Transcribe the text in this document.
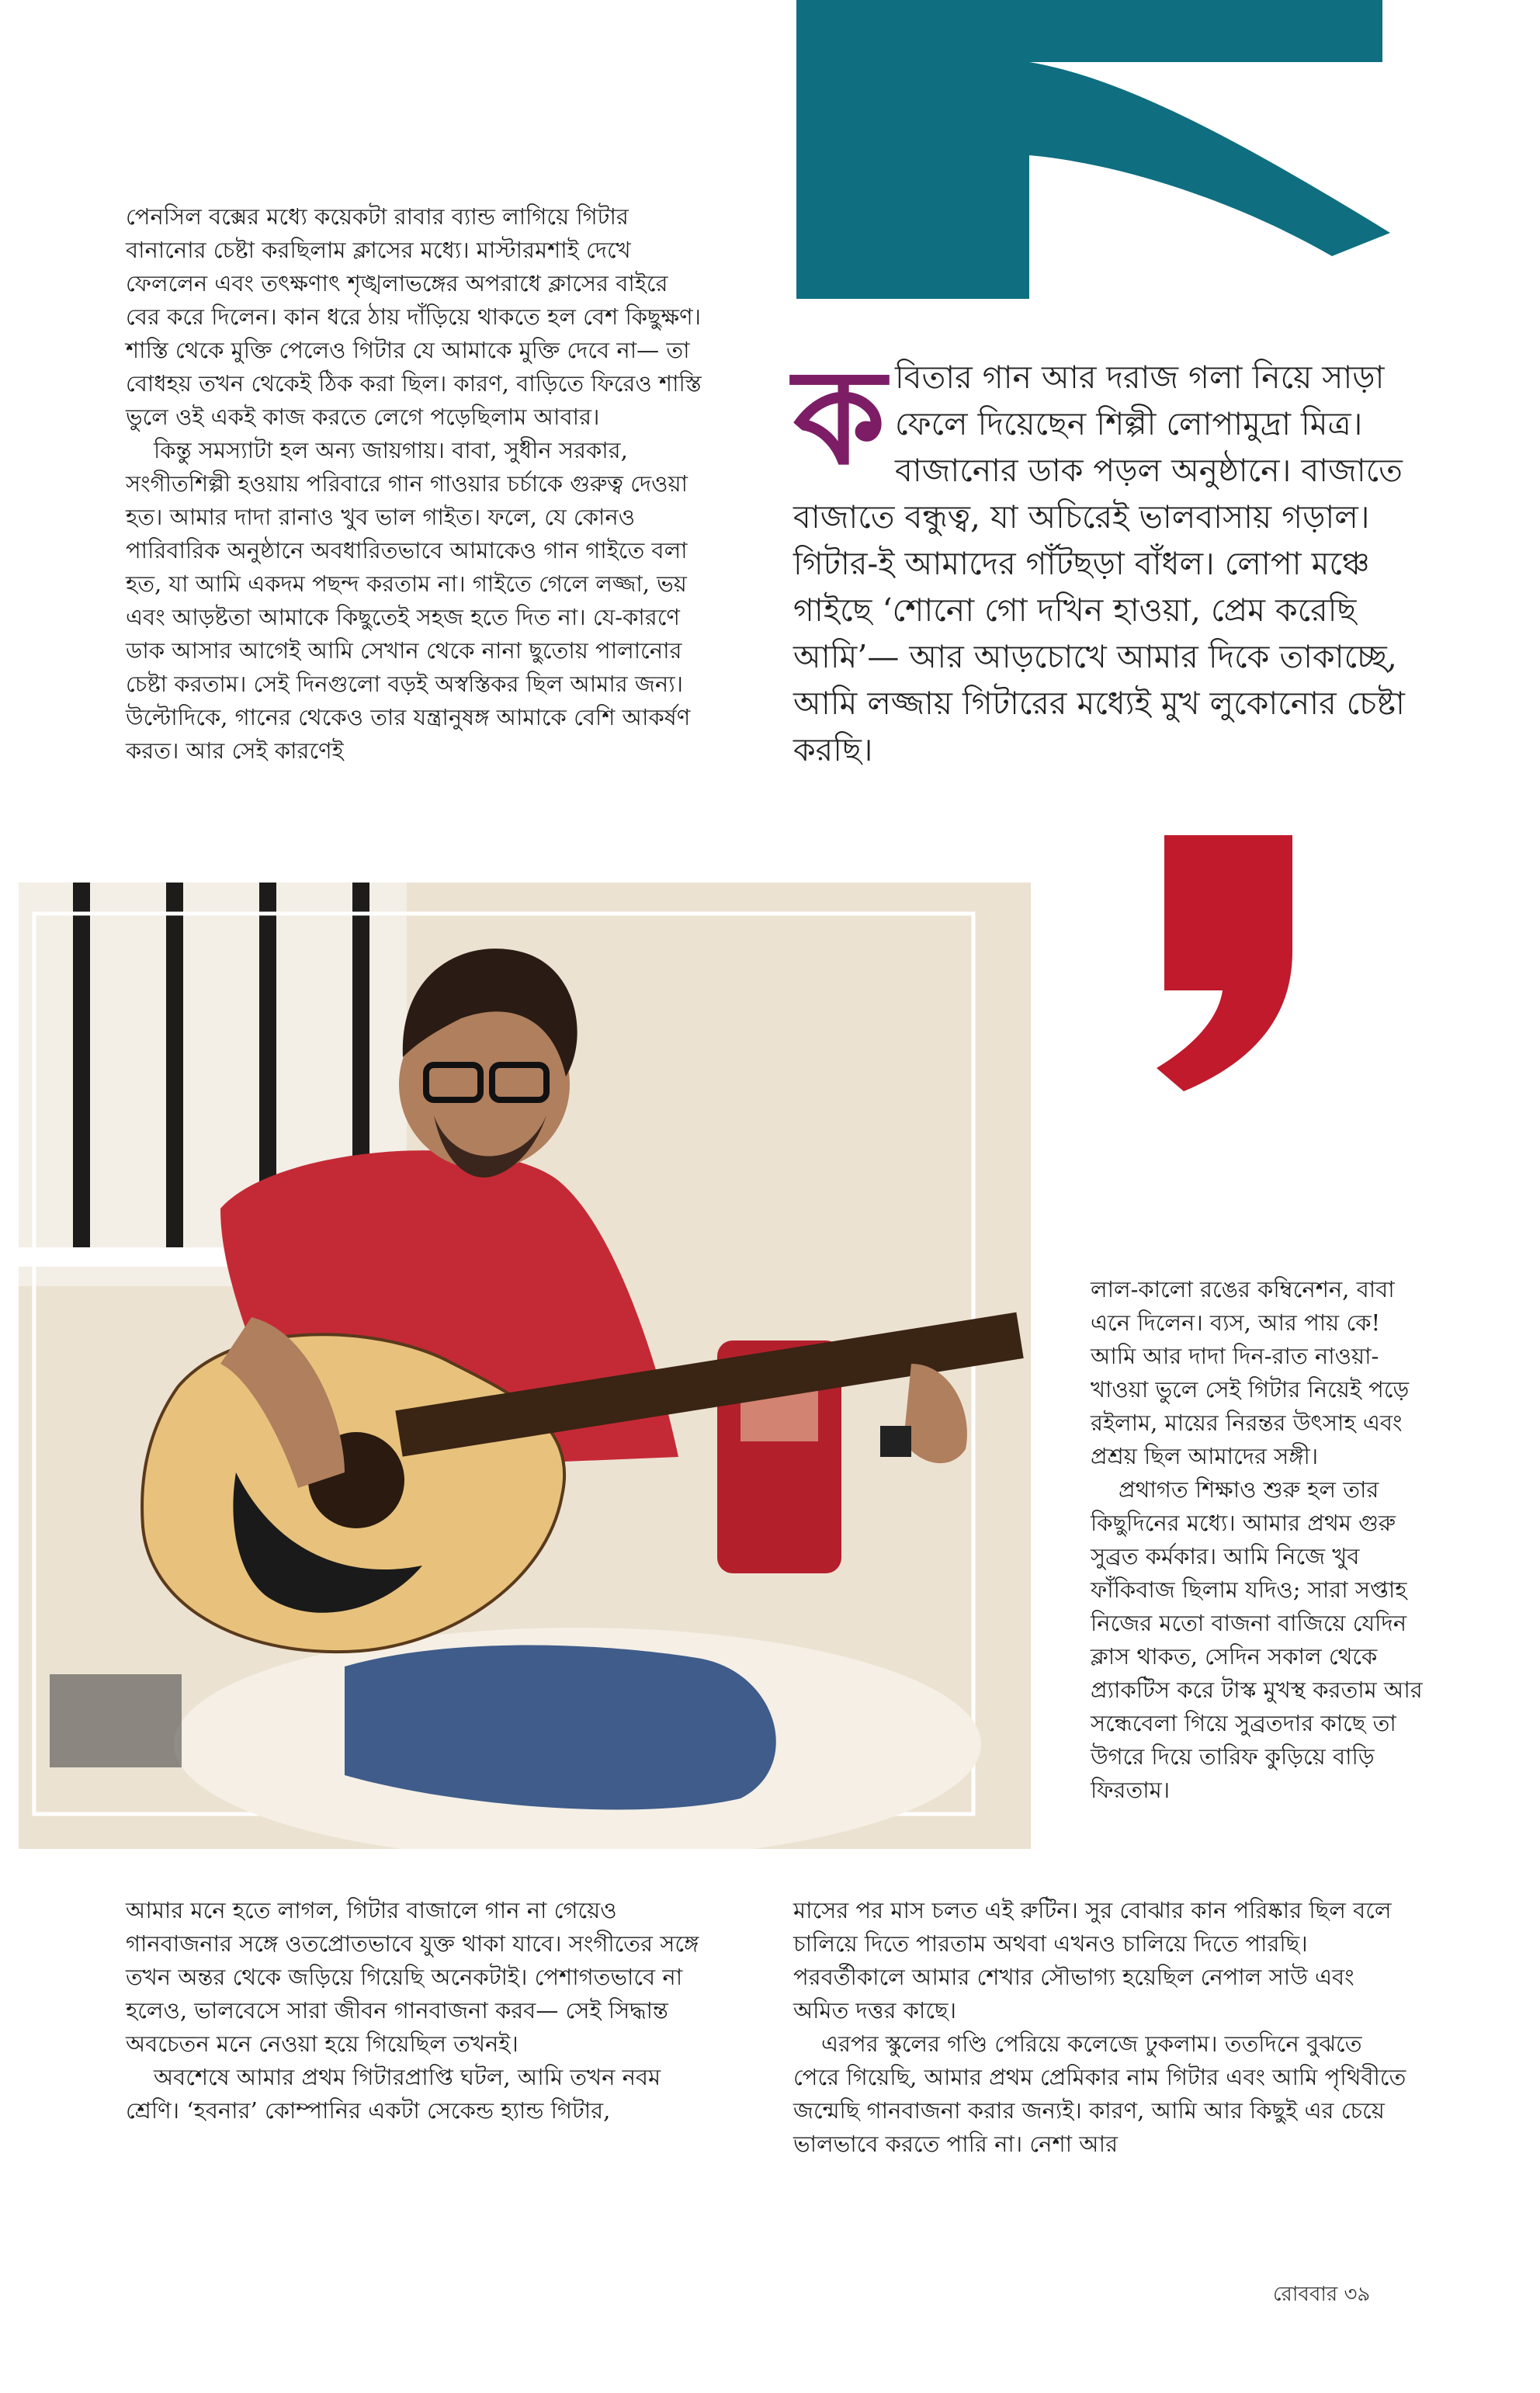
পেনসিল বক্সের মধ্যে কয়েকটা রাবার ব্যান্ড লাগিয়ে গিটার বানানোর চেষ্টা করছিলাম ক্লাসের মধ্যে। মাস্টারমশাই দেখে ফেললেন এবং তৎক্ষণাৎ শৃঙ্খলাভঙ্গের অপরাধে ক্লাসের বাইরে বের করে দিলেন। কান ধরে ঠায় দাঁড়িয়ে থাকতে হল বেশ কিছুক্ষণ। শাস্তি থেকে মুক্তি পেলেও গিটার যে আমাকে মুক্তি দেবে না— তা বোধহয় তখন থেকেই ঠিক করা ছিল। কারণ, বাড়িতে ফিরেও শাস্তি ভুলে ওই একই কাজ করতে লেগে পড়েছিলাম আবার।

কিন্তু সমস্যাটা হল অন্য জায়গায়। বাবা, সুধীন সরকার, সংগীতশিল্পী হওয়ায় পরিবারে গান গাওয়ার চর্চাকে গুরুত্ব দেওয়া হত। আমার দাদা রানাও খুব ভাল গাইত। ফলে, যে কোনও পারিবারিক অনুষ্ঠানে অবধারিতভাবে আমাকেও গান গাইতে বলা হত, যা আমি একদম পছন্দ করতাম না। গাইতে গেলে লজ্জা, ভয় এবং আড়ষ্টতা আমাকে কিছুতেই সহজ হতে দিত না। যে-কারণে ডাক আসার আগেই আমি সেখান থেকে নানা ছুতোয় পালানোর চেষ্টা করতাম। সেই দিনগুলো বড়ই অস্বস্তিকর ছিল আমার জন্য। উল্টোদিকে, গানের থেকেও তার যন্ত্রানুষঙ্গ আমাকে বেশি আকর্ষণ করত। আর সেই কারণেই

কবিতার গান আর দরাজ গলা নিয়ে সাড়া ফেলে দিয়েছেন শিল্পী লোপামুদ্রা মিত্র। বাজানোর ডাক পড়ল অনুষ্ঠানে। বাজাতে বাজাতে বন্ধুত্ব, যা অচিরেই ভালবাসায় গড়াল। গিটার-ই আমাদের গাঁটছড়া বাঁধল। লোপা মঞ্চে গাইছে ‘শোনো গো দখিন হাওয়া, প্রেম করেছি আমি’— আর আড়চোখে আমার দিকে তাকাচ্ছে, আমি লজ্জায় গিটারের মধ্যেই মুখ লুকোনোর চেষ্টা করছি।

লাল-কালো রঙের কম্বিনেশন, বাবা এনে দিলেন। ব্যস, আর পায় কে! আমি আর দাদা দিন-রাত নাওয়া-খাওয়া ভুলে সেই গিটার নিয়েই পড়ে রইলাম, মায়ের নিরন্তর উৎসাহ এবং প্রশ্রয় ছিল আমাদের সঙ্গী।

প্রথাগত শিক্ষাও শুরু হল তার কিছুদিনের মধ্যে। আমার প্রথম গুরু সুব্রত কর্মকার। আমি নিজে খুব ফাঁকিবাজ ছিলাম যদিও; সারা সপ্তাহ নিজের মতো বাজনা বাজিয়ে যেদিন ক্লাস থাকত, সেদিন সকাল থেকে প্র্যাকটিস করে টাস্ক মুখস্থ করতাম আর সন্ধেবেলা গিয়ে সুব্রতদার কাছে তা উগরে দিয়ে তারিফ কুড়িয়ে বাড়ি ফিরতাম।

আমার মনে হতে লাগল, গিটার বাজালে গান না গেয়েও গানবাজনার সঙ্গে ওতপ্রোতভাবে যুক্ত থাকা যাবে। সংগীতের সঙ্গে তখন অন্তর থেকে জড়িয়ে গিয়েছি অনেকটাই। পেশাগতভাবে না হলেও, ভালবেসে সারা জীবন গানবাজনা করব— সেই সিদ্ধান্ত অবচেতন মনে নেওয়া হয়ে গিয়েছিল তখনই।

অবশেষে আমার প্রথম গিটারপ্রাপ্তি ঘটল, আমি তখন নবম শ্রেণি। ‘হবনার’ কোম্পানির একটা সেকেন্ড হ্যান্ড গিটার,

মাসের পর মাস চলত এই রুটিন। সুর বোঝার কান পরিষ্কার ছিল বলে চালিয়ে দিতে পারতাম অথবা এখনও চালিয়ে দিতে পারছি। পরবর্তীকালে আমার শেখার সৌভাগ্য হয়েছিল নেপাল সাউ এবং অমিত দত্তর কাছে।

এরপর স্কুলের গণ্ডি পেরিয়ে কলেজে ঢুকলাম। ততদিনে বুঝতে পেরে গিয়েছি, আমার প্রথম প্রেমিকার নাম গিটার এবং আমি পৃথিবীতে জন্মেছি গানবাজনা করার জন্যই। কারণ, আমি আর কিছুই এর চেয়ে ভালভাবে করতে পারি না। নেশা আর

রোববার ৩৯
